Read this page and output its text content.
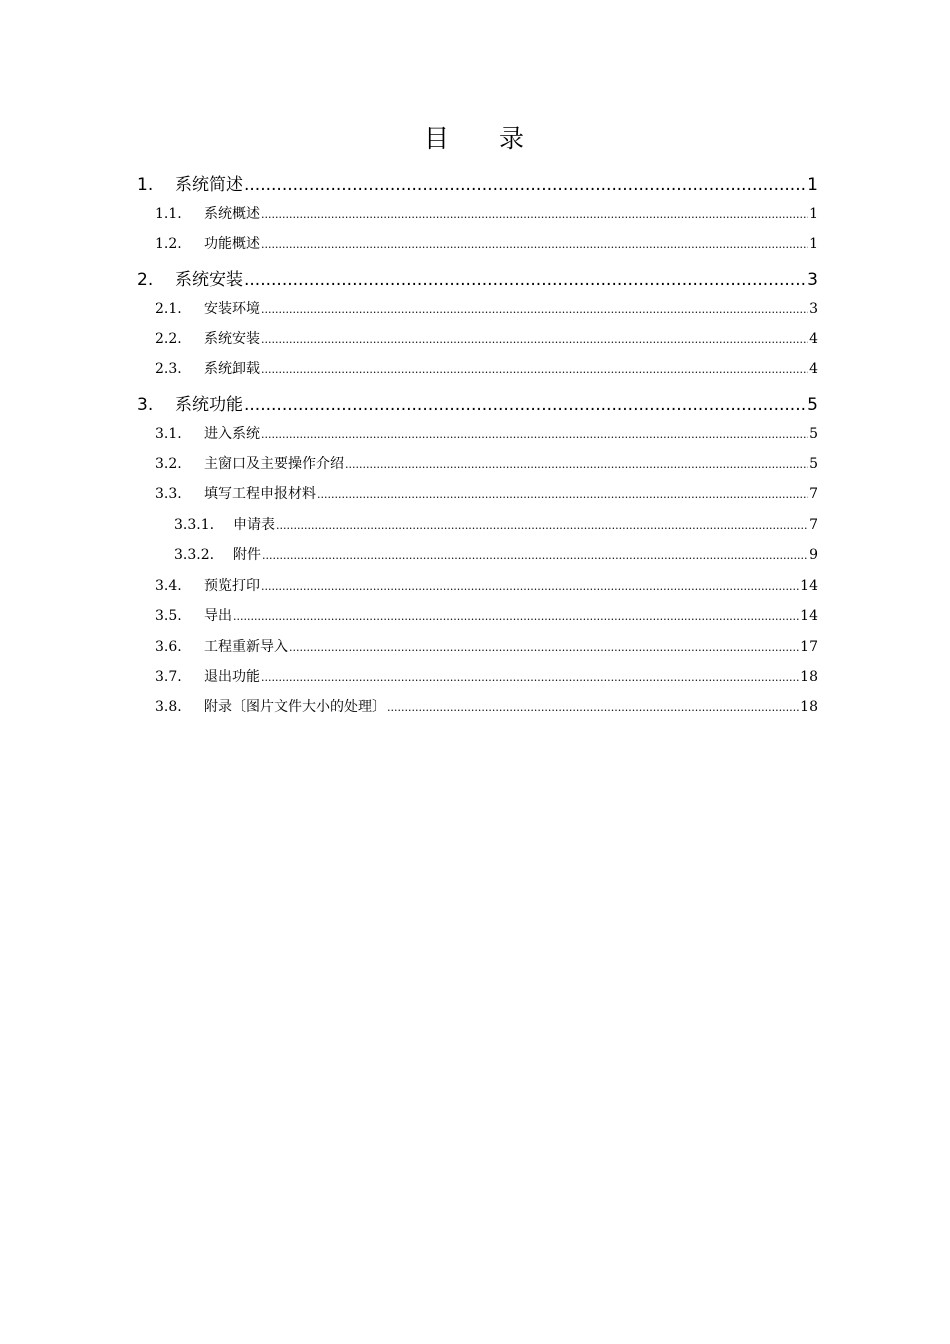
目 录
1.	系统简述 .....	1
1.1.	系统概述 .....	1
1.2.	功能概述 .....	1
2.	系统安装 .....	3
2.1.	安装环境 .....	3
2.2.	系统安装 .....	4
2.3.	系统卸载 .....	4
3.	系统功能 .....	5
3.1.	进入系统 .....	5
3.2.	主窗口及主要操作介绍 .....	5
3.3.	填写工程申报材料 .....	7
3.3.1.	申请表 .....	7
3.3.2.	附件 .....	9
3.4.	预览打印 .....	14
3.5.	导出 .....	14
3.6.	工程重新导入 .....	17
3.7.	退出功能 .....	18
3.8.	附录〔图片文件大小的处理〕 .....	18
